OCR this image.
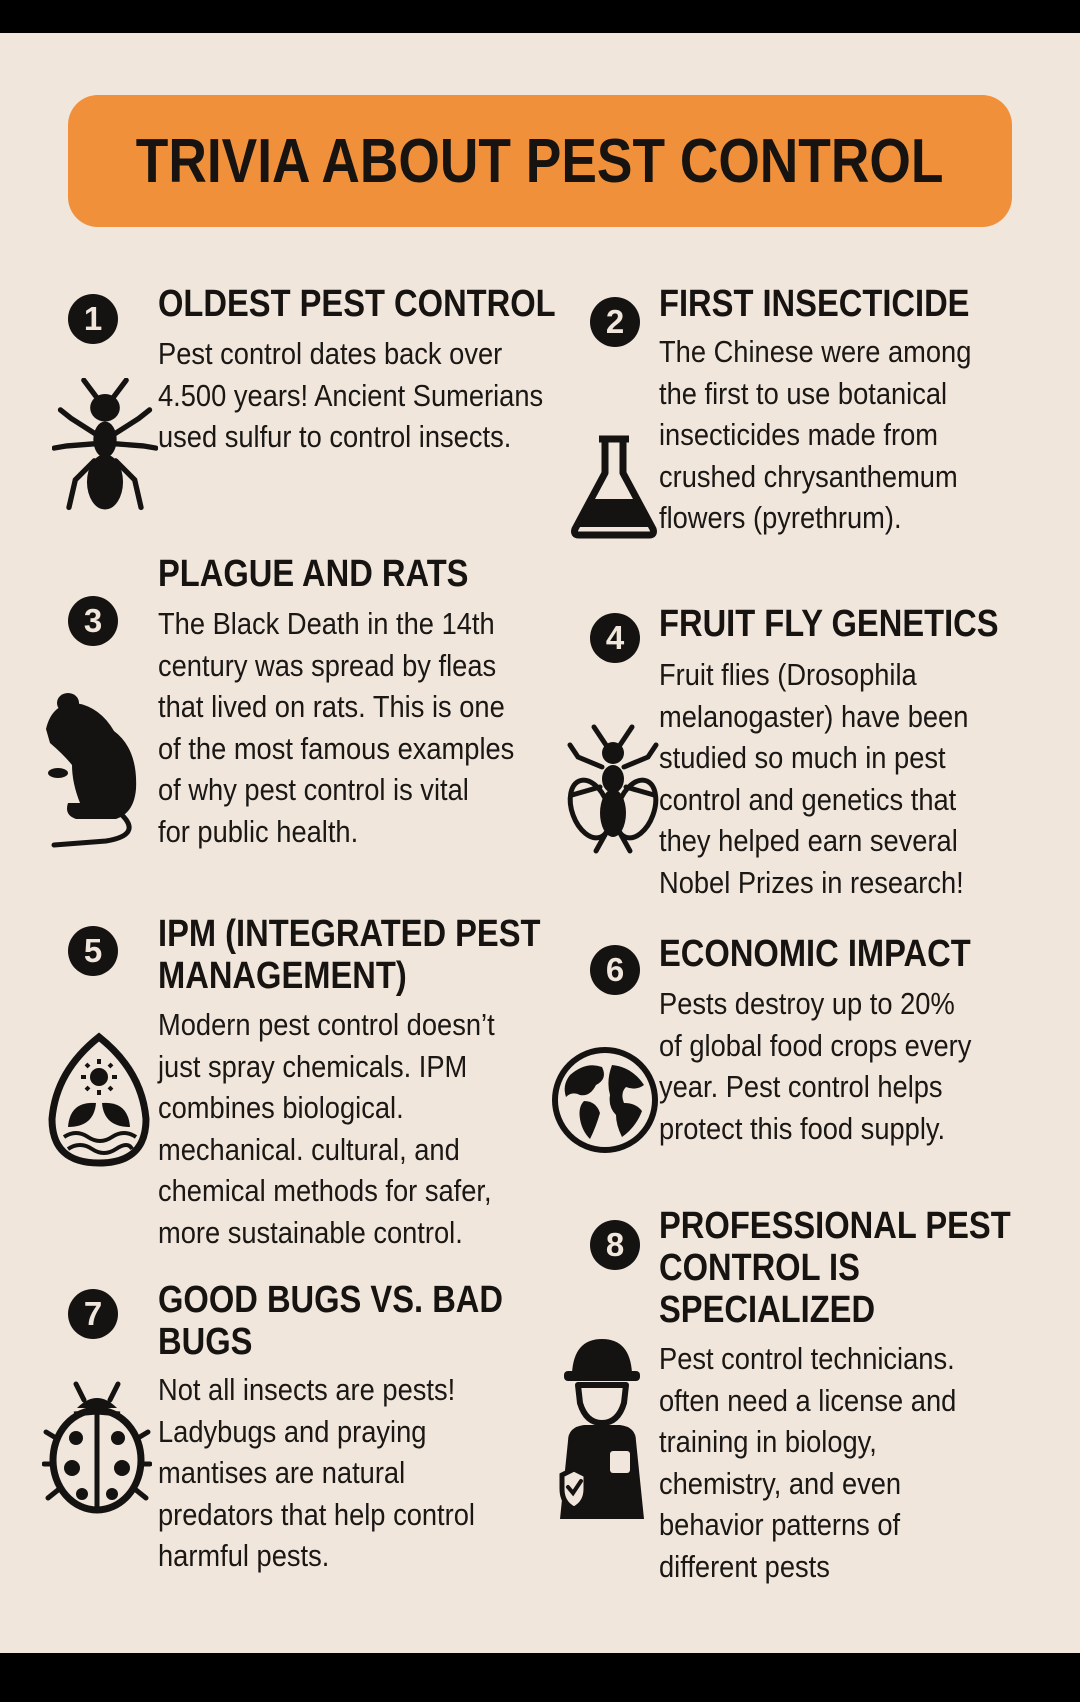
TRIVIA ABOUT PEST CONTROL
1	OLDEST PEST CONTROL
Pest control dates back over
4.500 years! Ancient Sumerians
used sulfur to control insects.
2 FIRST INSECTICIDE
The Chinese were among
the first to use botanical
insecticides made from
crushed chrysanthemum
flowers (pyrethrum).
3
PLAGUE AND RATS
The Black Death in the 14th
century was spread by fleas
that lived on rats. This is one
of the most famous examples
of why pest control is vital
for public health.
4 FRUIT FLY GENETICS
Fruit flies (Drosophila
melanogaster) have been
studied so much in pest
control and genetics that
they helped earn several
Nobel Prizes in research!
5	IPM (INTEGRATED PEST
MANAGEMENT)
Modern pest control doesn’t
just spray chemicals. IPM
combines biological.
mechanical. cultural, and
chemical methods for safer,
more sustainable control.
6 ECONOMIC IMPACT
Pests destroy up to 20%
of global food crops every
year. Pest control helps
protect this food supply.
7	GOOD BUGS VS. BAD
BUGS
Not all insects are pests!
Ladybugs and praying
mantises are natural
predators that help control
harmful pests.
8 PROFESSIONAL PEST
CONTROL IS
SPECIALIZED
Pest control technicians.
often need a license and
training in biology,
chemistry, and even
behavior patterns of
different pests
